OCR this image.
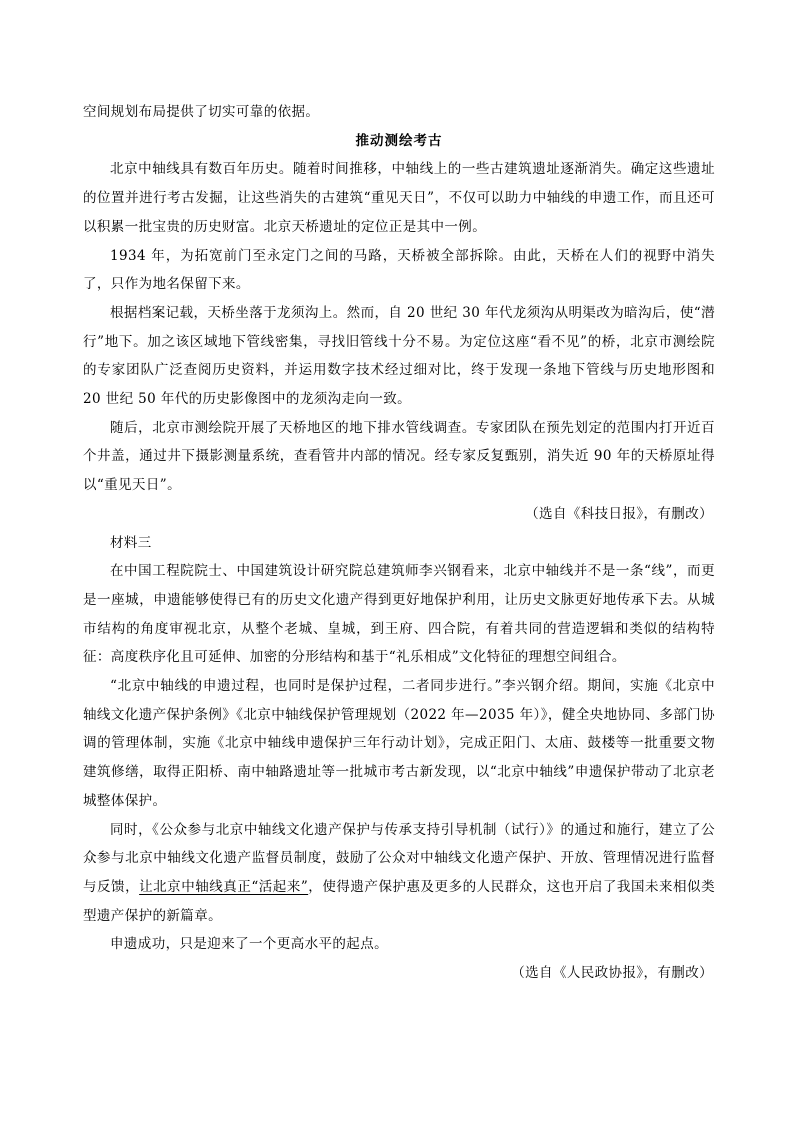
空间规划布局提供了切实可靠的依据。

推动测绘考古

北京中轴线具有数百年历史。随着时间推移，中轴线上的一些古建筑遗址逐渐消失。确定这些遗址的位置并进行考古发掘，让这些消失的古建筑“重见天日”，不仅可以助力中轴线的申遗工作，而且还可以积累一批宝贵的历史财富。北京天桥遗址的定位正是其中一例。

1934 年，为拓宽前门至永定门之间的马路，天桥被全部拆除。由此，天桥在人们的视野中消失了，只作为地名保留下来。

根据档案记载，天桥坐落于龙须沟上。然而，自 20 世纪 30 年代龙须沟从明渠改为暗沟后，使“潜行”地下。加之该区域地下管线密集，寻找旧管线十分不易。为定位这座“看不见”的桥，北京市测绘院的专家团队广泛查阅历史资料，并运用数字技术经过细对比，终于发现一条地下管线与历史地形图和 20 世纪 50 年代的历史影像图中的龙须沟走向一致。

随后，北京市测绘院开展了天桥地区的地下排水管线调查。专家团队在预先划定的范围内打开近百个井盖，通过井下摄影测量系统，查看管井内部的情况。经专家反复甄别，消失近 90 年的天桥原址得以“重见天日”。

（选自《科技日报》，有删改）

材料三

在中国工程院院士、中国建筑设计研究院总建筑师李兴钢看来，北京中轴线并不是一条“线”，而更是一座城，申遗能够使得已有的历史文化遗产得到更好地保护利用，让历史文脉更好地传承下去。从城市结构的角度审视北京，从整个老城、皇城，到王府、四合院，有着共同的营造逻辑和类似的结构特征：高度秩序化且可延伸、加密的分形结构和基于“礼乐相成”文化特征的理想空间组合。

“北京中轴线的申遗过程，也同时是保护过程，二者同步进行。”李兴钢介绍。期间，实施《北京中轴线文化遗产保护条例》《北京中轴线保护管理规划（2022 年—2035 年）》，健全央地协同、多部门协调的管理体制，实施《北京中轴线申遗保护三年行动计划》，完成正阳门、太庙、鼓楼等一批重要文物建筑修缮，取得正阳桥、南中轴路遗址等一批城市考古新发现，以“北京中轴线”申遗保护带动了北京老城整体保护。

同时，《公众参与北京中轴线文化遗产保护与传承支持引导机制（试行）》的通过和施行，建立了公众参与北京中轴线文化遗产监督员制度，鼓励了公众对中轴线文化遗产保护、开放、管理情况进行监督与反馈，让北京中轴线真正“活起来”，使得遗产保护惠及更多的人民群众，这也开启了我国未来相似类型遗产保护的新篇章。

申遗成功，只是迎来了一个更高水平的起点。

（选自《人民政协报》，有删改）
